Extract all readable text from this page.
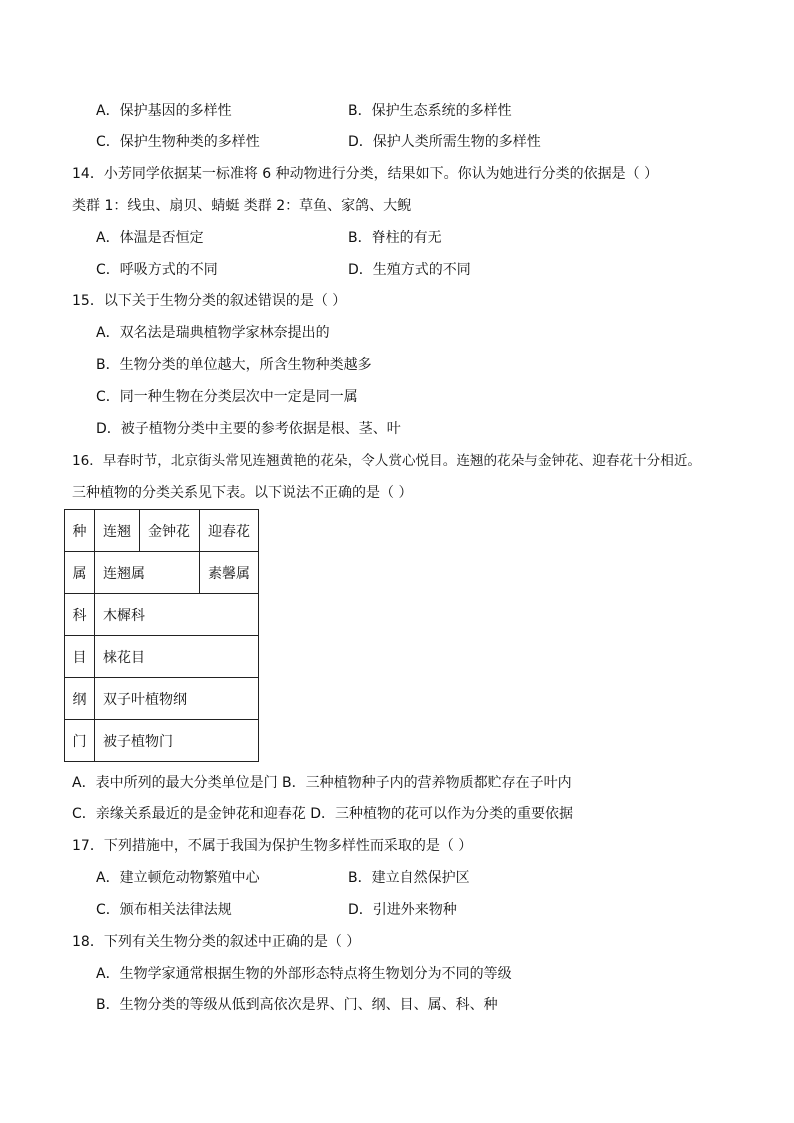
A．保护基因的多样性	B．保护生态系统的多样性
C．保护生物种类的多样性	D．保护人类所需生物的多样性
14．小芳同学依据某一标准将 6 种动物进行分类，结果如下。你认为她进行分类的依据是（ ）
类群 1：线虫、扇贝、蜻蜓 类群 2：草鱼、家鸽、大鲵
A．体温是否恒定	B．脊柱的有无
C．呼吸方式的不同	D．生殖方式的不同
15．以下关于生物分类的叙述错误的是（ ）
A．双名法是瑞典植物学家林奈提出的
B．生物分类的单位越大，所含生物种类越多
C．同一种生物在分类层次中一定是同一属
D．被子植物分类中主要的参考依据是根、茎、叶
16．早春时节，北京街头常见连翘黄艳的花朵，令人赏心悦目。连翘的花朵与金钟花、迎春花十分相近。
三种植物的分类关系见下表。以下说法不正确的是（ ）
种	连翘	金钟花	迎春花
属	连翘属		素馨属
科	木樨科		
目	梾花目		
纲	双子叶植物纲		
门	被子植物门		
A．表中所列的最大分类单位是门 B．三种植物种子内的营养物质都贮存在子叶内
C．亲缘关系最近的是金钟花和迎春花 D．三种植物的花可以作为分类的重要依据
17．下列措施中，不属于我国为保护生物多样性而采取的是（ ）
A．建立顿危动物繁殖中心	B．建立自然保护区
C．颁布相关法律法规	D．引进外来物种
18．下列有关生物分类的叙述中正确的是（ ）
A．生物学家通常根据生物的外部形态特点将生物划分为不同的等级
B．生物分类的等级从低到高依次是界、门、纲、目、属、科、种
